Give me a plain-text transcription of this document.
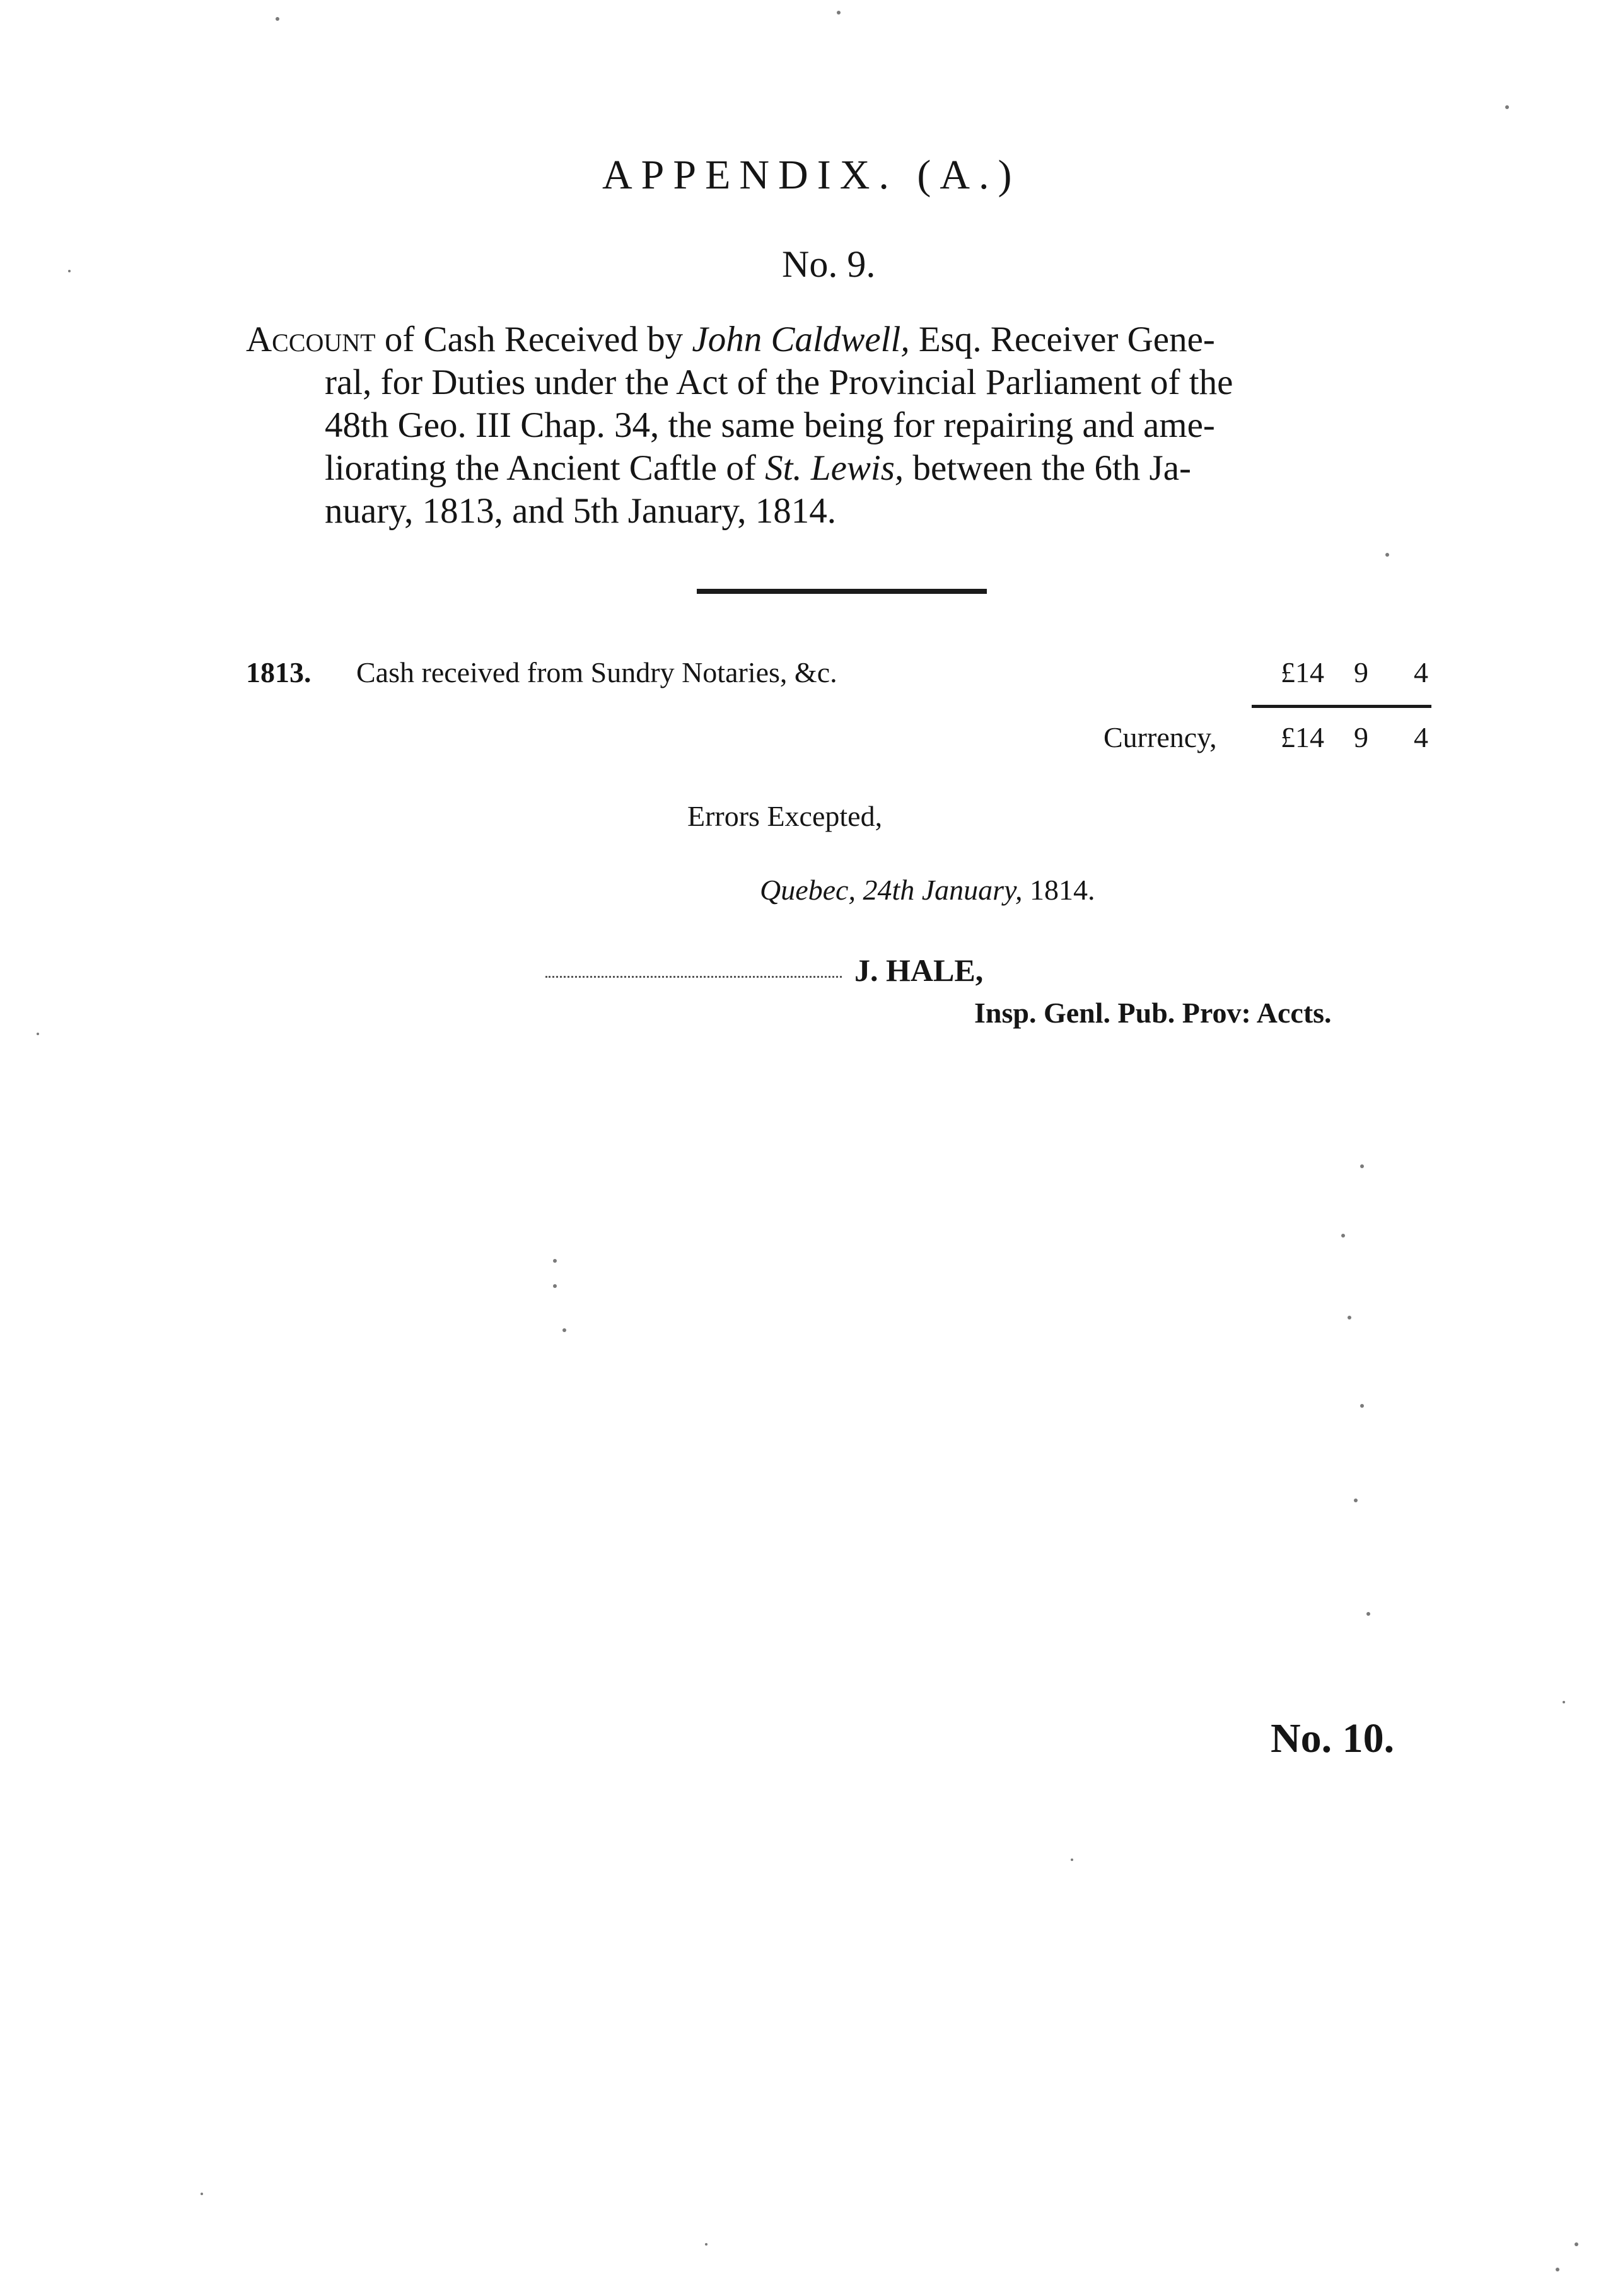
APPENDIX. (A.)
No. 9.
Account of Cash Received by John Caldwell, Esq. Receiver Gene-
ral, for Duties under the Act of the Provincial Parliament of the
48th Geo. III Chap. 34, the same being for repairing and ame-
liorating the Ancient Caftle of St. Lewis, between the 6th Ja-
nuary, 1813, and 5th January, 1814.
1813. Cash received from Sundry Notaries, &c.	£14	9	4
Currency,	£14	9	4
Errors Excepted,
Quebec, 24th January, 1814.
J. HALE,
Insp. Genl. Pub. Prov: Accts.
No. 10.
